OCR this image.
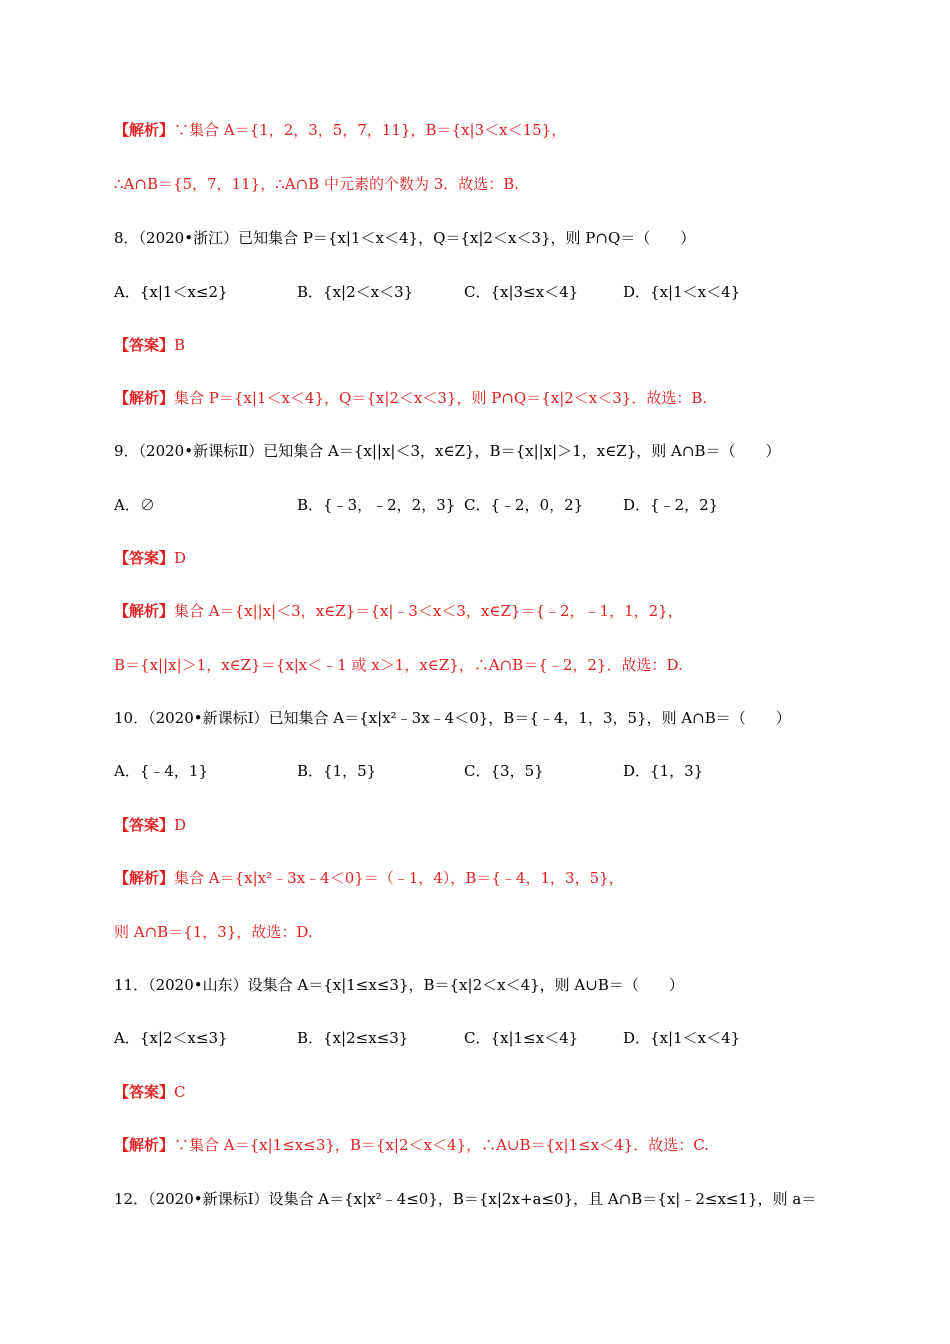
【解析】∵集合 A＝{1，2，3，5，7，11}，B＝{x|3＜x＜15}，
∴A∩B＝{5，7，11}，∴A∩B 中元素的个数为 3．故选：B.
8．（2020•浙江）已知集合 P＝{x|1＜x＜4}，Q＝{x|2＜x＜3}，则 P∩Q＝（　　）
A．{x|1＜x≤2}	B．{x|2＜x＜3}	C．{x|3≤x＜4}	D．{x|1＜x＜4}
【答案】B
【解析】集合 P＝{x|1＜x＜4}，Q＝{x|2＜x＜3}，则 P∩Q＝{x|2＜x＜3}．故选：B.
9．（2020•新课标Ⅱ）已知集合 A＝{x||x|＜3，x∈Z}，B＝{x||x|＞1，x∈Z}，则 A∩B＝（　　）
A．∅	B．{﹣3，﹣2，2，3} C．{﹣2，0，2}	D．{﹣2，2}
【答案】D
【解析】集合 A＝{x||x|＜3，x∈Z}＝{x|﹣3＜x＜3，x∈Z}＝{﹣2，﹣1，1，2}，
B＝{x||x|＞1，x∈Z}＝{x|x＜﹣1 或 x＞1，x∈Z}，∴A∩B＝{﹣2，2}．故选：D.
10．（2020•新课标Ⅰ）已知集合 A＝{x|x²﹣3x﹣4＜0}，B＝{﹣4，1，3，5}，则 A∩B＝（　　）
A．{﹣4，1}	B．{1，5}	C．{3，5}	D．{1，3}
【答案】D
【解析】集合 A＝{x|x²﹣3x﹣4＜0}＝（﹣1，4），B＝{﹣4，1，3，5}，
则 A∩B＝{1，3}，故选：D.
11．（2020•山东）设集合 A＝{x|1≤x≤3}，B＝{x|2＜x＜4}，则 A∪B＝（　　）
A．{x|2＜x≤3}	B．{x|2≤x≤3}	C．{x|1≤x＜4}	D．{x|1＜x＜4}
【答案】C
【解析】∵集合 A＝{x|1≤x≤3}，B＝{x|2＜x＜4}，∴A∪B＝{x|1≤x＜4}．故选：C.
12．（2020•新课标Ⅰ）设集合 A＝{x|x²﹣4≤0}，B＝{x|2x+a≤0}，且 A∩B＝{x|﹣2≤x≤1}，则 a＝
